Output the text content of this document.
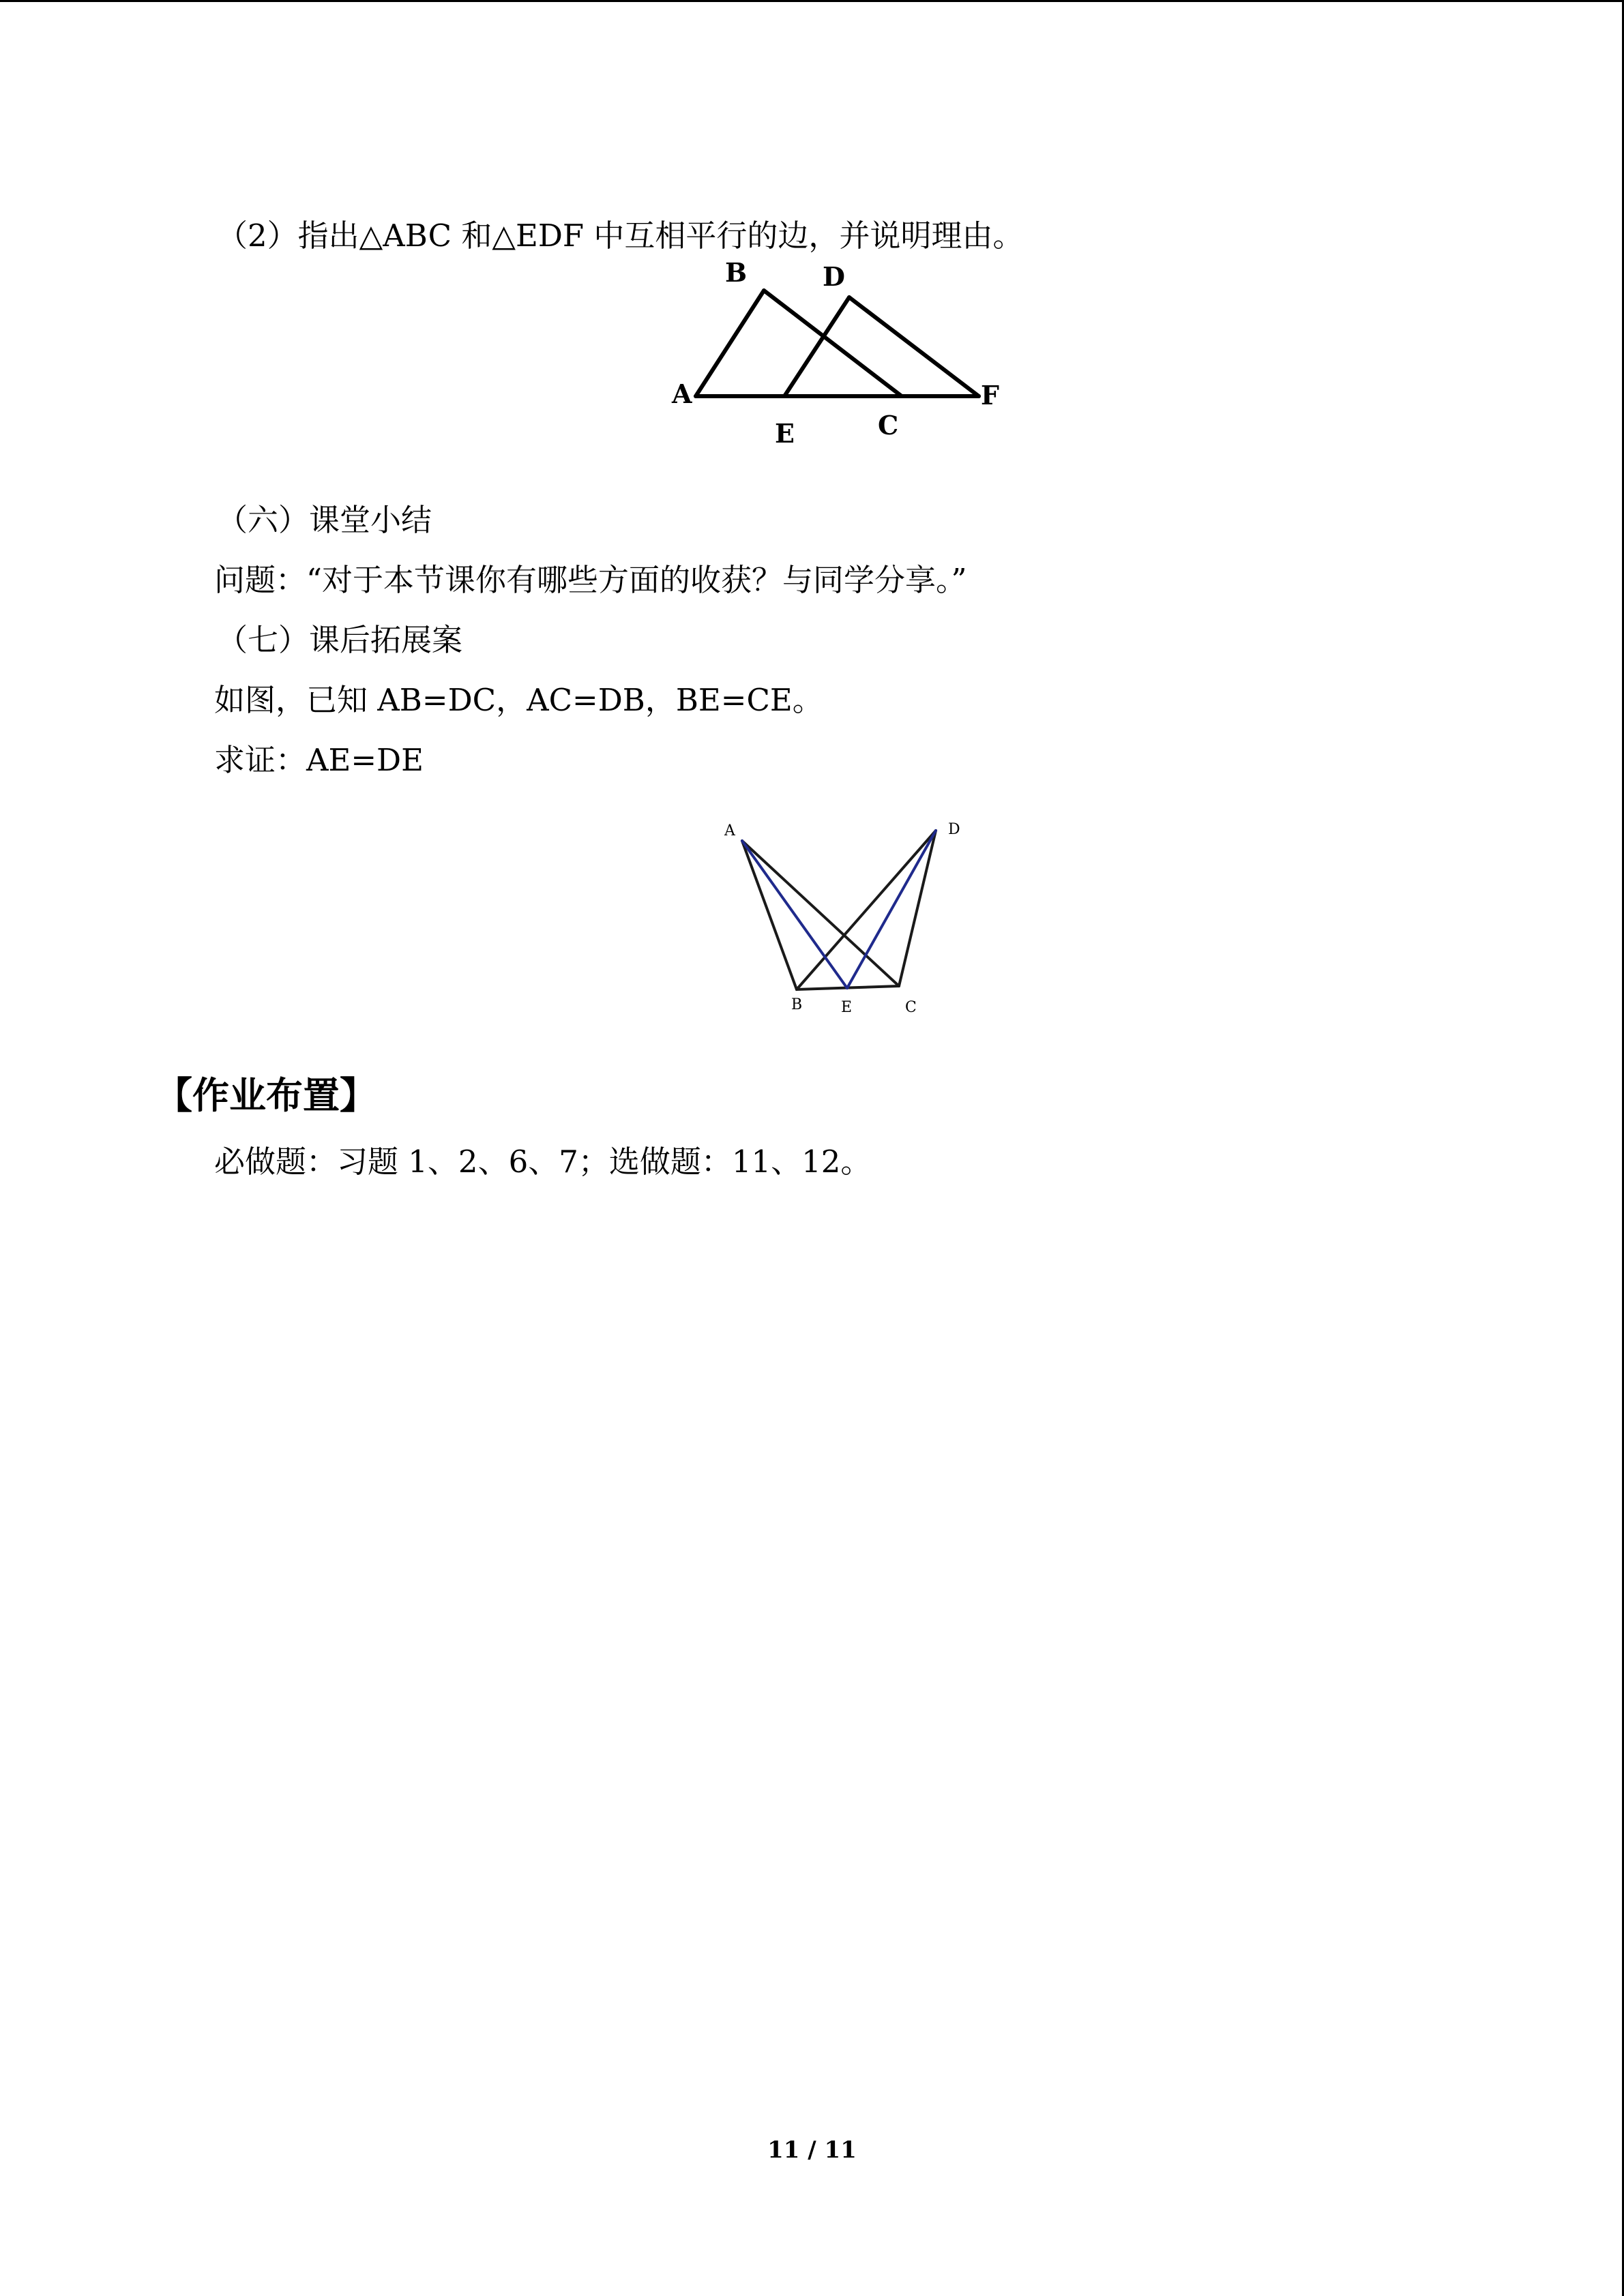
（2）指出△ABC 和△EDF 中互相平行的边，并说明理由。
B	D
A	F
E	C
（六）课堂小结
问题：“对于本节课你有哪些方面的收获？与同学分享。”
（七）课后拓展案
如图，已知 AB=DC，AC=DB，BE=CE。
求证：AE=DE
A	D
B	E	C
【作业布置】
必做题：习题 1、2、6、7；选做题：11、12。
11 / 11
